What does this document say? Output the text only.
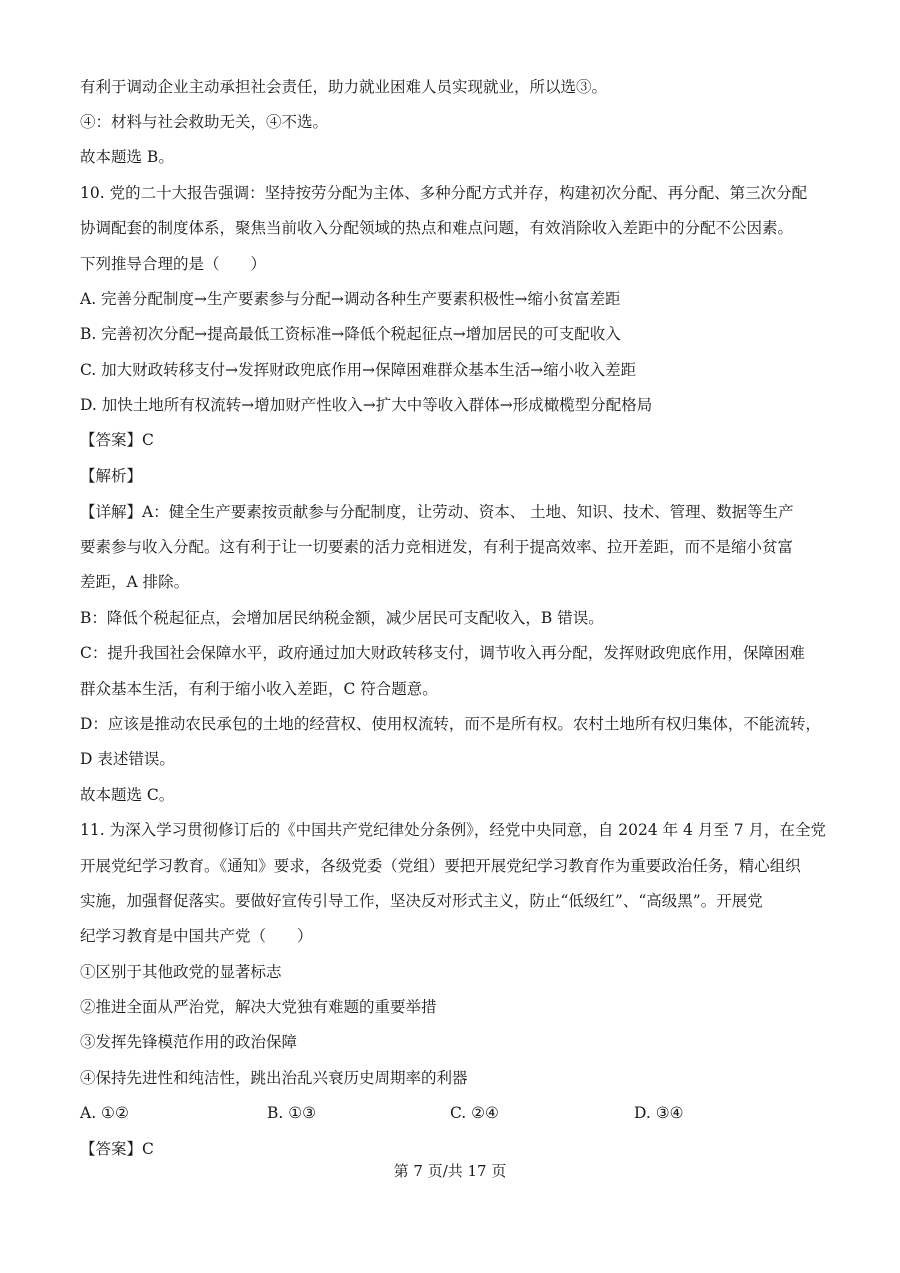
有利于调动企业主动承担社会责任，助力就业困难人员实现就业，所以选③。
④：材料与社会救助无关，④不选。
故本题选 B。
10. 党的二十大报告强调：坚持按劳分配为主体、多种分配方式并存，构建初次分配、再分配、第三次分配
协调配套的制度体系，聚焦当前收入分配领域的热点和难点问题，有效消除收入差距中的分配不公因素。
下列推导合理的是（　　）
A. 完善分配制度→生产要素参与分配→调动各种生产要素积极性→缩小贫富差距
B. 完善初次分配→提高最低工资标准→降低个税起征点→增加居民的可支配收入
C. 加大财政转移支付→发挥财政兜底作用→保障困难群众基本生活→缩小收入差距
D. 加快土地所有权流转→增加财产性收入→扩大中等收入群体→形成橄榄型分配格局
【答案】C
【解析】
【详解】A：健全生产要素按贡献参与分配制度，让劳动、资本、 土地、知识、技术、管理、数据等生产
要素参与收入分配。这有利于让一切要素的活力竞相迸发，有利于提高效率、拉开差距，而不是缩小贫富
差距，A 排除。
B：降低个税起征点，会增加居民纳税金额，减少居民可支配收入，B 错误。
C：提升我国社会保障水平，政府通过加大财政转移支付，调节收入再分配，发挥财政兜底作用，保障困难
群众基本生活，有利于缩小收入差距，C 符合题意。
D：应该是推动农民承包的土地的经营权、使用权流转，而不是所有权。农村土地所有权归集体，不能流转，
D 表述错误。
故本题选 C。
11. 为深入学习贯彻修订后的《中国共产党纪律处分条例》，经党中央同意，自 2024 年 4 月至 7 月，在全党
开展党纪学习教育。《通知》要求，各级党委（党组）要把开展党纪学习教育作为重要政治任务，精心组织
实施，加强督促落实。要做好宣传引导工作，坚决反对形式主义，防止“低级红”、“高级黑”。开展党
纪学习教育是中国共产党（　　）
①区别于其他政党的显著标志
②推进全面从严治党，解决大党独有难题的重要举措
③发挥先锋模范作用的政治保障
④保持先进性和纯洁性，跳出治乱兴衰历史周期率的利器
A. ①②	B. ①③	C. ②④	D. ③④
【答案】C
第 7 页/共 17 页
